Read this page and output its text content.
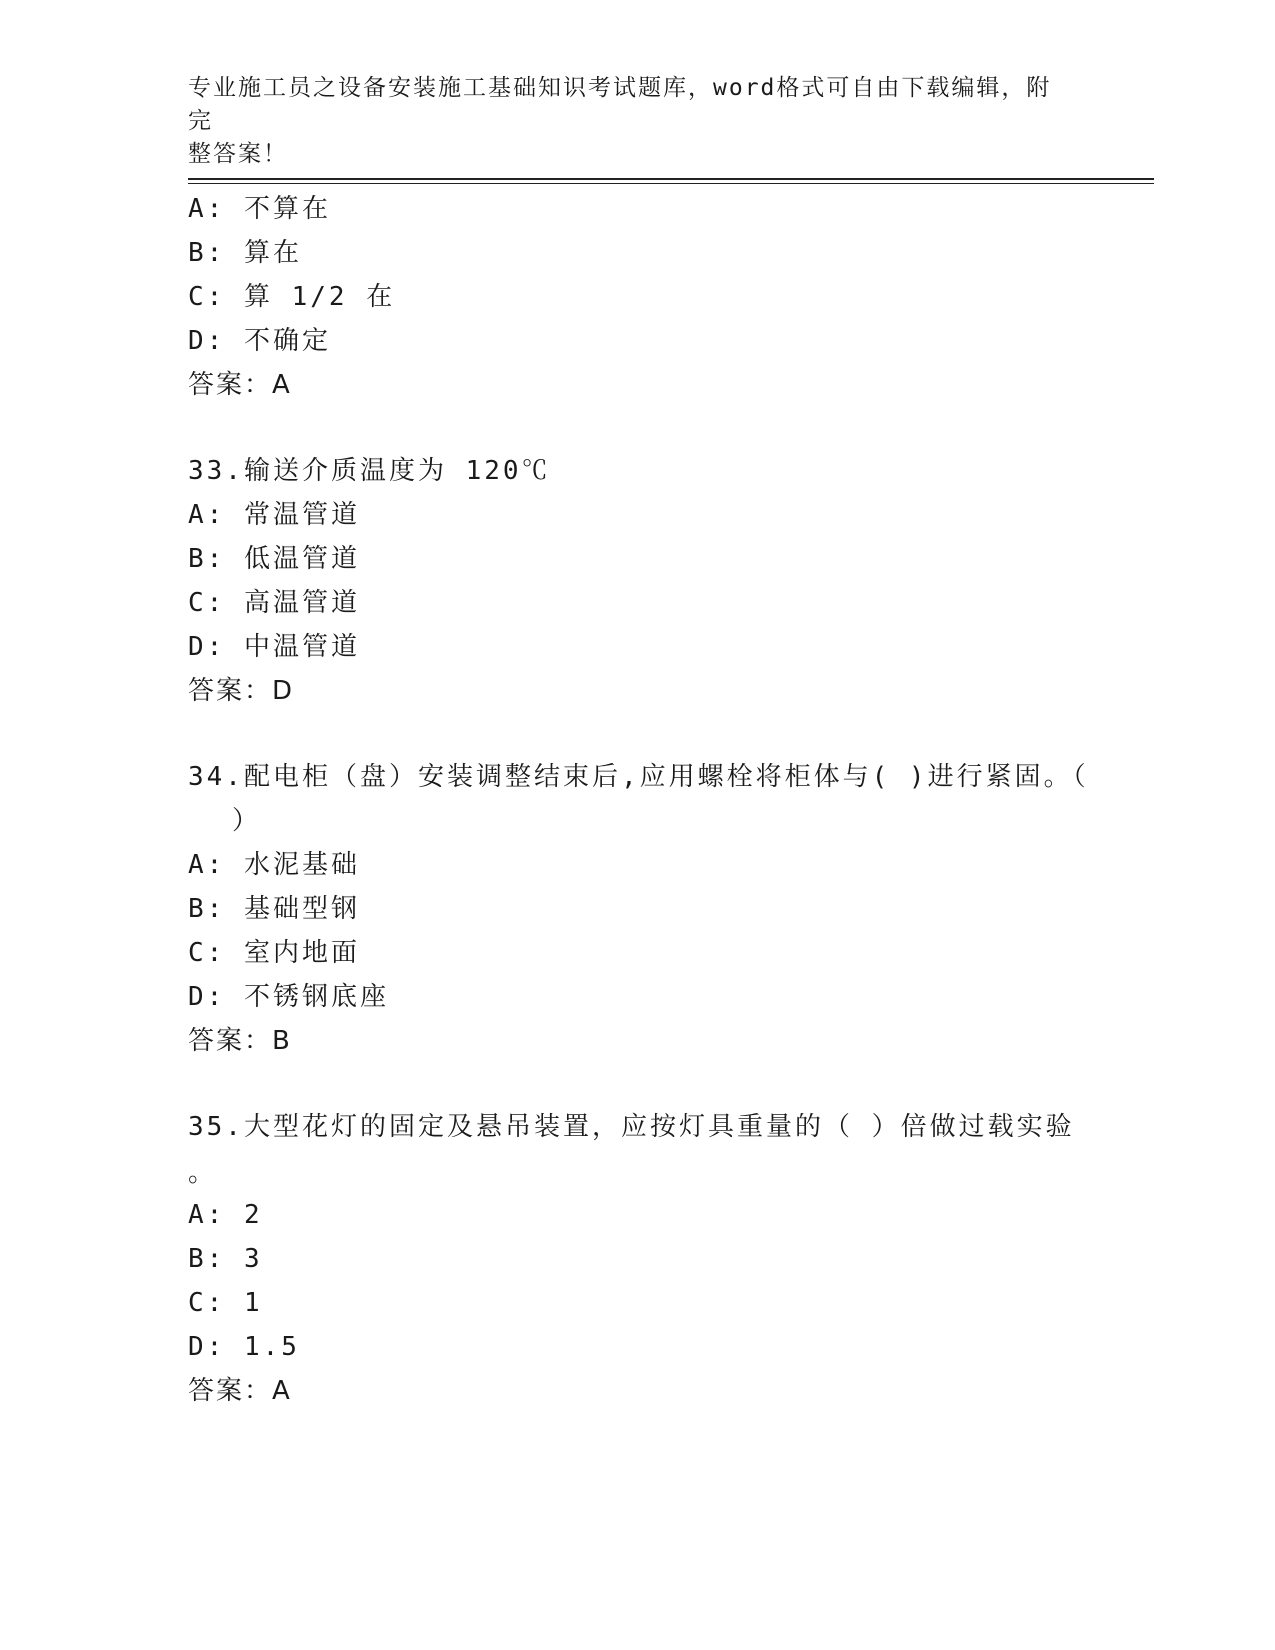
专业施工员之设备安装施工基础知识考试题库，word格式可自由下载编辑，附完
整答案！
A: 不算在
B: 算在
C: 算 1/2 在
D: 不确定
答案：A
33.输送介质温度为 120℃
A: 常温管道
B: 低温管道
C: 高温管道
D: 中温管道
答案：D
34.配电柜（盘）安装调整结束后,应用螺栓将柜体与( )进行紧固。（
）
A: 水泥基础
B: 基础型钢
C: 室内地面
D: 不锈钢底座
答案：B
35.大型花灯的固定及悬吊装置，应按灯具重量的（ ）倍做过载实验
。
A: 2
B: 3
C: 1
D: 1.5
答案：A
